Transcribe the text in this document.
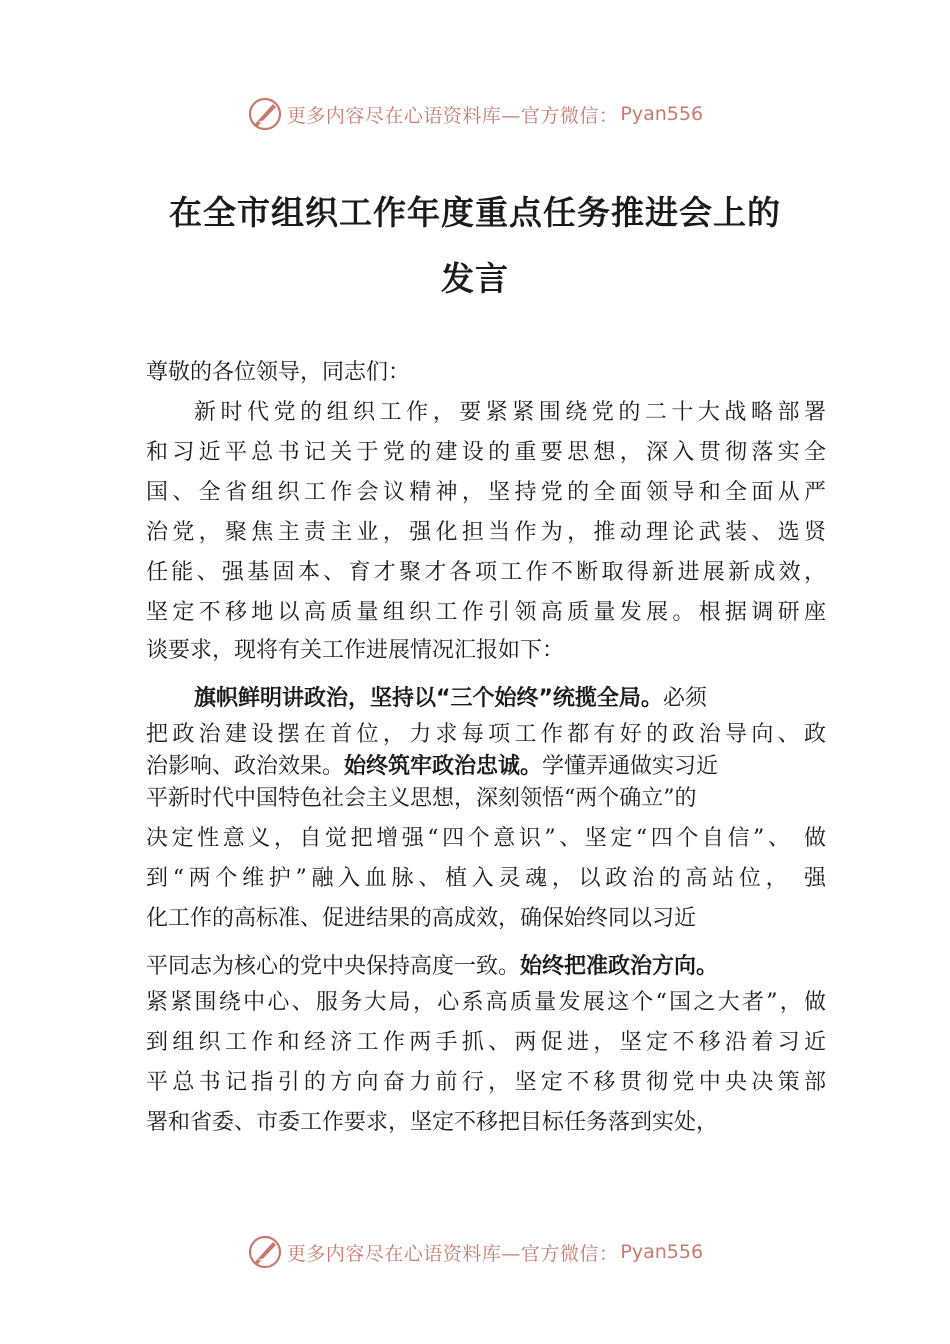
更多内容尽在心语资料库—官方微信： Pyan556
在全市组织工作年度重点任务推进会上的
发言

尊敬的各位领导，同志们：

新时代党的组织工作，要紧紧围绕党的二十大战略部署

和习近平总书记关于党的建设的重要思想，深入贯彻落实全

国、全省组织工作会议精神，坚持党的全面领导和全面从严

治党，聚焦主责主业，强化担当作为，推动理论武装、选贤

任能、强基固本、育才聚才各项工作不断取得新进展新成效，

坚定不移地以高质量组织工作引领高质量发展。根据调研座

谈要求，现将有关工作进展情况汇报如下：

旗帜鲜明讲政治，坚持以“三个始终”统揽全局。必须

把政治建设摆在首位，力求每项工作都有好的政治导向、政

治影响、政治效果。始终筑牢政治忠诚。学懂弄通做实习近

平新时代中国特色社会主义思想，深刻领悟“两个确立”的

决定性意义，自觉把增强“四个意识”、坚定“四个自信”、 做

到“两个维护”融入血脉、植入灵魂，以政治的高站位， 强

化工作的高标准、促进结果的高成效，确保始终同以习近

平同志为核心的党中央保持高度一致。始终把准政治方向。

紧紧围绕中心、服务大局，心系高质量发展这个“国之大者”，做

到组织工作和经济工作两手抓、两促进，坚定不移沿着习近

平总书记指引的方向奋力前行，坚定不移贯彻党中央决策部

署和省委、市委工作要求，坚定不移把目标任务落到实处，

更多内容尽在心语资料库—官方微信： Pyan556
